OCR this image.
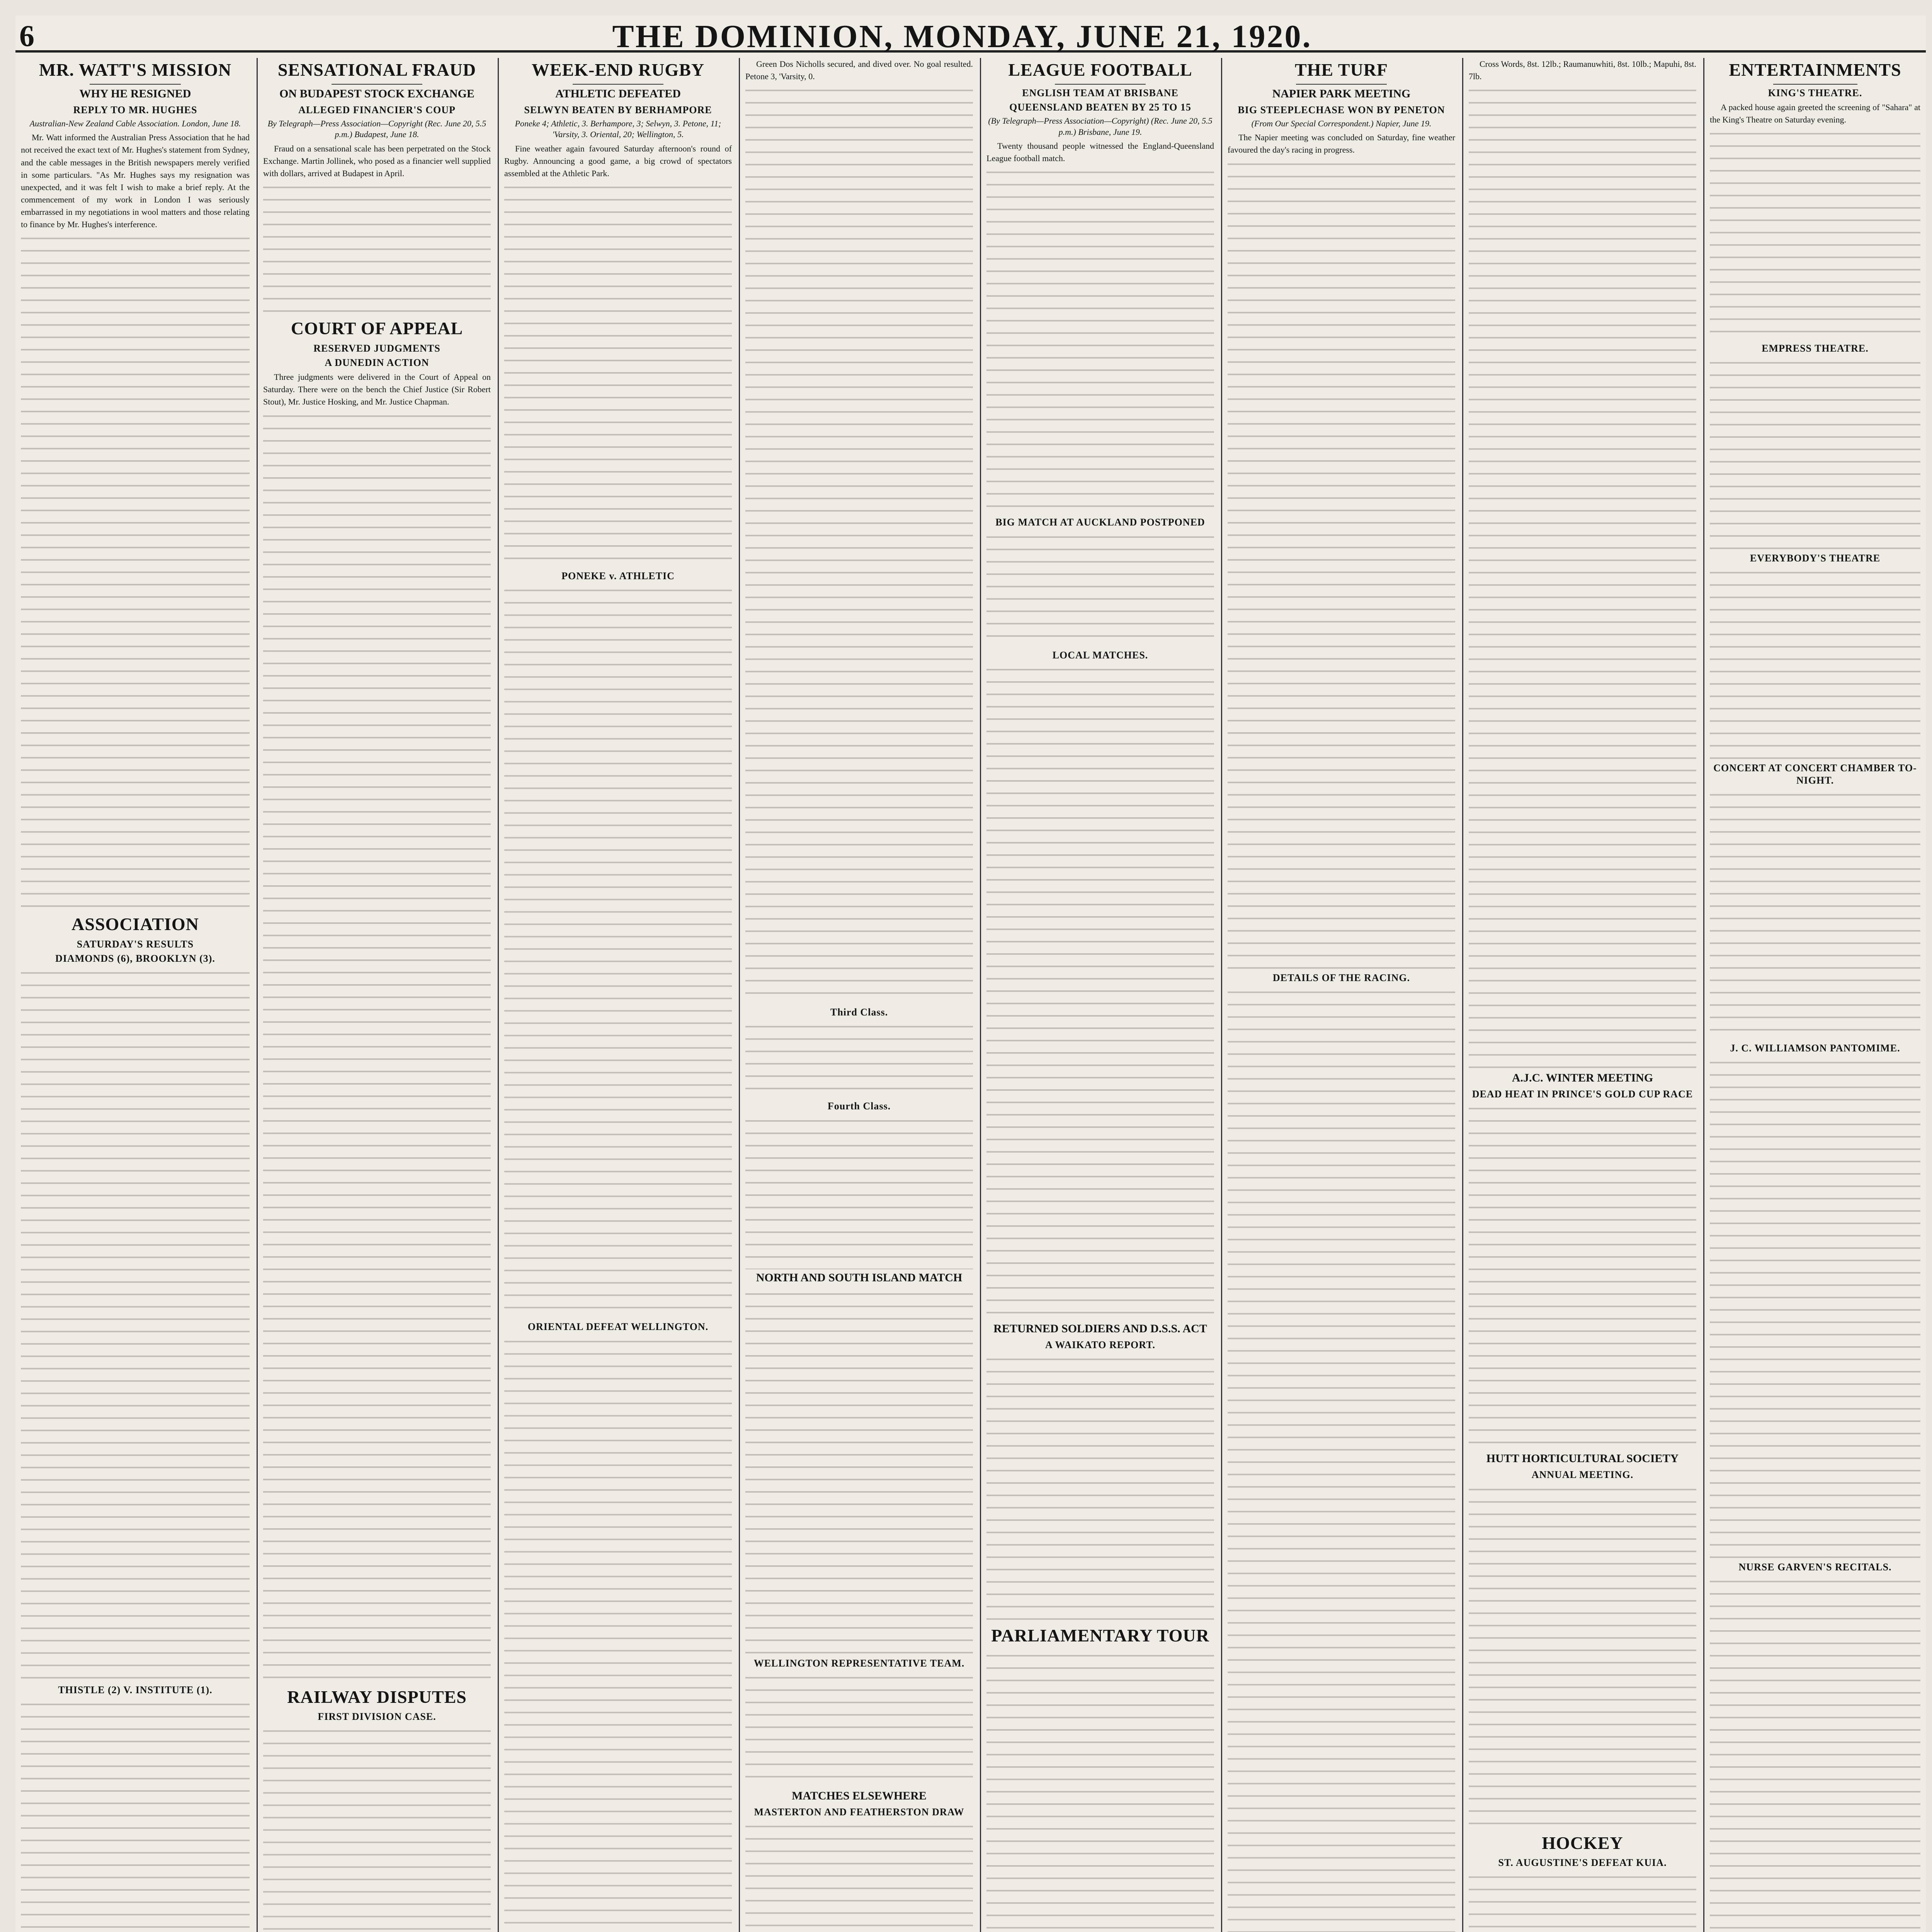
6	THE DOMINION, MONDAY, JUNE 21, 1920.
MR. WATT'S MISSION
WHY HE RESIGNED
REPLY TO MR. HUGHES
Australian-New Zealand Cable Association. London, June 18.
Mr. Watt informed the Australian Press Association that he had not received the exact text of Mr. Hughes's statement from Sydney, and the cable messages in the British newspapers merely verified in some particulars. "As Mr. Hughes says my resignation was unexpected, and it was felt I wish to make a brief reply. At the commencement of my work in London I was seriously embarrassed in my negotiations in wool matters and those relating to finance by Mr. Hughes's interference.
ASSOCIATION
SATURDAY'S RESULTS
DIAMONDS (6), BROOKLYN (3).
THISTLE (2) V. INSTITUTE (1).
SENSATIONAL FRAUD
ON BUDAPEST STOCK EXCHANGE
ALLEGED FINANCIER'S COUP
By Telegraph—Press Association—Copyright (Rec. June 20, 5.5 p.m.) Budapest, June 18.
Fraud on a sensational scale has been perpetrated on the Stock Exchange. Martin Jollinek, who posed as a financier well supplied with dollars, arrived at Budapest in April.
COURT OF APPEAL
RESERVED JUDGMENTS
A DUNEDIN ACTION
Three judgments were delivered in the Court of Appeal on Saturday. There were on the bench the Chief Justice (Sir Robert Stout), Mr. Justice Hosking, and Mr. Justice Chapman.
RAILWAY DISPUTES
FIRST DIVISION CASE.
WEEK-END RUGBY
ATHLETIC DEFEATED
SELWYN BEATEN BY BERHAMPORE
Poneke 4; Athletic, 3. Berhampore, 3; Selwyn, 3. Petone, 11; 'Varsity, 3. Oriental, 20; Wellington, 5.
Fine weather again favoured Saturday afternoon's round of Rugby. Announcing a good game, a big crowd of spectators assembled at the Athletic Park.
PONEKE v. ATHLETIC
ORIENTAL DEFEAT WELLINGTON.
Green Dos Nicholls secured, and dived over. No goal resulted. Petone 3, 'Varsity, 0.
Third Class.
Fourth Class.
NORTH AND SOUTH ISLAND MATCH
WELLINGTON REPRESENTATIVE TEAM.
MATCHES ELSEWHERE
MASTERTON AND FEATHERSTON DRAW
LEAGUE FOOTBALL
ENGLISH TEAM AT BRISBANE
QUEENSLAND BEATEN BY 25 TO 15
(By Telegraph—Press Association—Copyright) (Rec. June 20, 5.5 p.m.) Brisbane, June 19.
Twenty thousand people witnessed the England-Queensland League football match.
BIG MATCH AT AUCKLAND POSTPONED
LOCAL MATCHES.
RETURNED SOLDIERS AND D.S.S. ACT
A WAIKATO REPORT.
PARLIAMENTARY TOUR
THE TURF
NAPIER PARK MEETING
BIG STEEPLECHASE WON BY PENETON
(From Our Special Correspondent.) Napier, June 19.
The Napier meeting was concluded on Saturday, fine weather favoured the day's racing in progress.
DETAILS OF THE RACING.
Cross Words, 8st. 12lb.; Raumanuwhiti, 8st. 10lb.; Mapuhi, 8st. 7lb.
A.J.C. WINTER MEETING
DEAD HEAT IN PRINCE'S GOLD CUP RACE
HUTT HORTICULTURAL SOCIETY
ANNUAL MEETING.
HOCKEY
ST. AUGUSTINE'S DEFEAT KUIA.
ENTERTAINMENTS
KING'S THEATRE.
A packed house again greeted the screening of "Sahara" at the King's Theatre on Saturday evening.
EMPRESS THEATRE.
EVERYBODY'S THEATRE
CONCERT AT CONCERT CHAMBER TO-NIGHT.
J. C. WILLIAMSON PANTOMIME.
NURSE GARVEN'S RECITALS.
